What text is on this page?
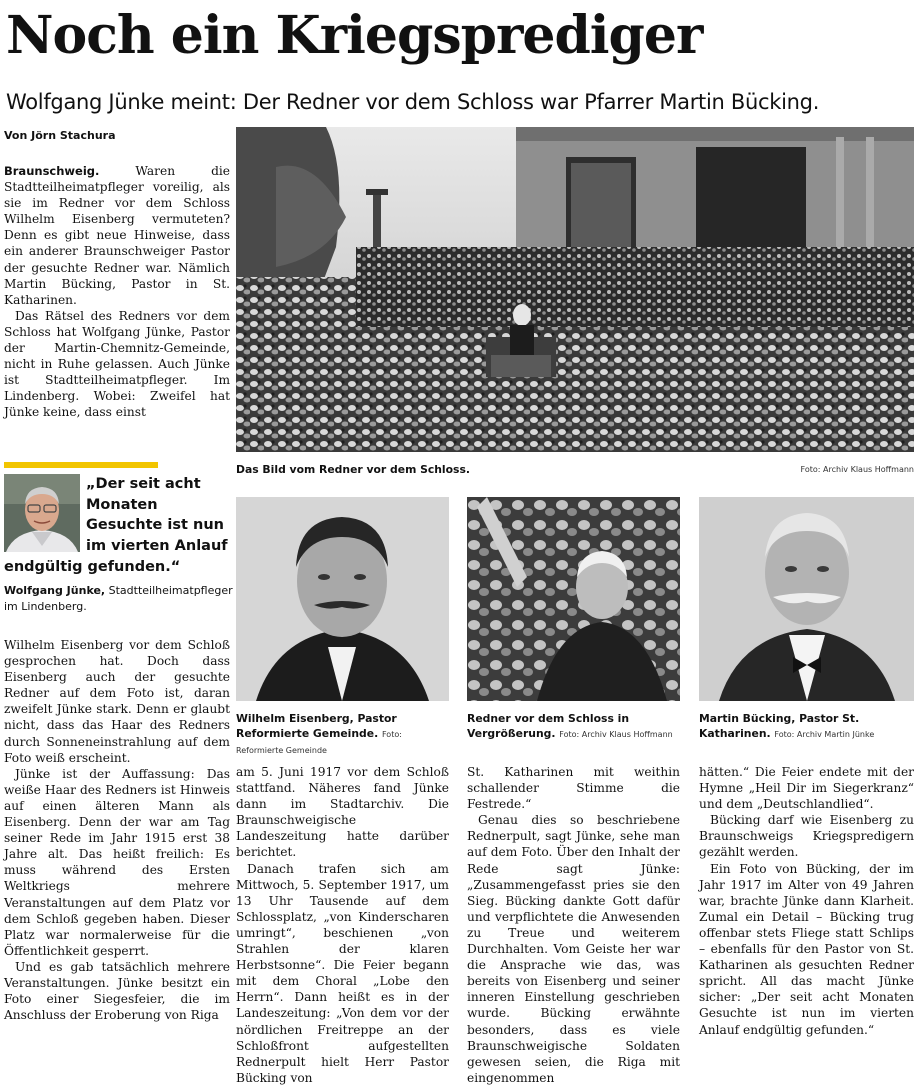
Noch ein Kriegsprediger
Wolfgang Jünke meint: Der Redner vor dem Schloss war Pfarrer Martin Bücking.
Von Jörn Stachura

Braunschweig. Waren die Stadtteilheimatpfleger voreilig, als sie im Redner vor dem Schloss Wilhelm Eisenberg vermuteten? Denn es gibt neue Hinweise, dass ein anderer Braunschweiger Pastor der gesuchte Redner war. Nämlich Martin Bücking, Pastor in St. Katharinen.

Das Rätsel des Redners vor dem Schloss hat Wolfgang Jünke, Pastor der Martin-Chemnitz-Gemeinde, nicht in Ruhe gelassen. Auch Jünke ist Stadtteilheimatpfleger. Im Lindenberg. Wobei: Zweifel hat Jünke keine, dass einst

„Der seit acht Monaten Gesuchte ist nun im vierten Anlauf
endgültig gefunden.“
Wolfgang Jünke, Stadtteilheimatpfleger im Lindenberg.

Wilhelm Eisenberg vor dem Schloß gesprochen hat. Doch dass Eisenberg auch der gesuchte Redner auf dem Foto ist, daran zweifelt Jünke stark. Denn er glaubt nicht, dass das Haar des Redners durch Sonneneinstrahlung auf dem Foto weiß erscheint.

Jünke ist der Auffassung: Das weiße Haar des Redners ist Hinweis auf einen älteren Mann als Eisenberg. Denn der war am Tag seiner Rede im Jahr 1915 erst 38 Jahre alt. Das heißt freilich: Es muss während des Ersten Weltkriegs mehrere Veranstaltungen auf dem Platz vor dem Schloß gegeben haben. Dieser Platz war normalerweise für die Öffentlichkeit gesperrt.

Und es gab tatsächlich mehrere Veranstaltungen. Jünke besitzt ein Foto einer Siegesfeier, die im Anschluss der Eroberung von Riga

Das Bild vom Redner vor dem Schloss.	Foto: Archiv Klaus Hoffmann
Wilhelm Eisenberg, Pastor Reformierte Gemeinde. Foto: Reformierte Gemeinde
Redner vor dem Schloss in Vergrößerung. Foto: Archiv Klaus Hoffmann
Martin Bücking, Pastor St. Katharinen. Foto: Archiv Martin Jünke

am 5. Juni 1917 vor dem Schloß stattfand. Näheres fand Jünke dann im Stadtarchiv. Die Braunschweigische Landeszeitung hatte darüber berichtet.

Danach trafen sich am Mittwoch, 5. September 1917, um 13 Uhr Tausende auf dem Schlossplatz, „von Kinderscharen umringt“, beschienen „von Strahlen der klaren Herbstsonne“. Die Feier begann mit dem Choral „Lobe den Herrn“. Dann heißt es in der Landeszeitung: „Von dem vor der nördlichen Freitreppe an der Schloßfront aufgestellten Rednerpult hielt Herr Pastor Bücking von

St. Katharinen mit weithin schallender Stimme die Festrede.“

Genau dies so beschriebene Rednerpult, sagt Jünke, sehe man auf dem Foto. Über den Inhalt der Rede sagt Jünke: „Zusammengefasst pries sie den Sieg. Bücking dankte Gott dafür und verpflichtete die Anwesenden zu Treue und weiterem Durchhalten. Vom Geiste her war die Ansprache wie das, was bereits von Eisenberg und seiner inneren Einstellung geschrieben wurde. Bücking erwähnte besonders, dass es viele Braunschweigische Soldaten gewesen seien, die Riga mit eingenommen

hätten.“ Die Feier endete mit der Hymne „Heil Dir im Siegerkranz“ und dem „Deutschlandlied“.

Bücking darf wie Eisenberg zu Braunschweigs Kriegspredigern gezählt werden.

Ein Foto von Bücking, der im Jahr 1917 im Alter von 49 Jahren war, brachte Jünke dann Klarheit. Zumal ein Detail – Bücking trug offenbar stets Fliege statt Schlips – ebenfalls für den Pastor von St. Katharinen als gesuchten Redner spricht. All das macht Jünke sicher: „Der seit acht Monaten Gesuchte ist nun im vierten Anlauf endgültig gefunden.“
